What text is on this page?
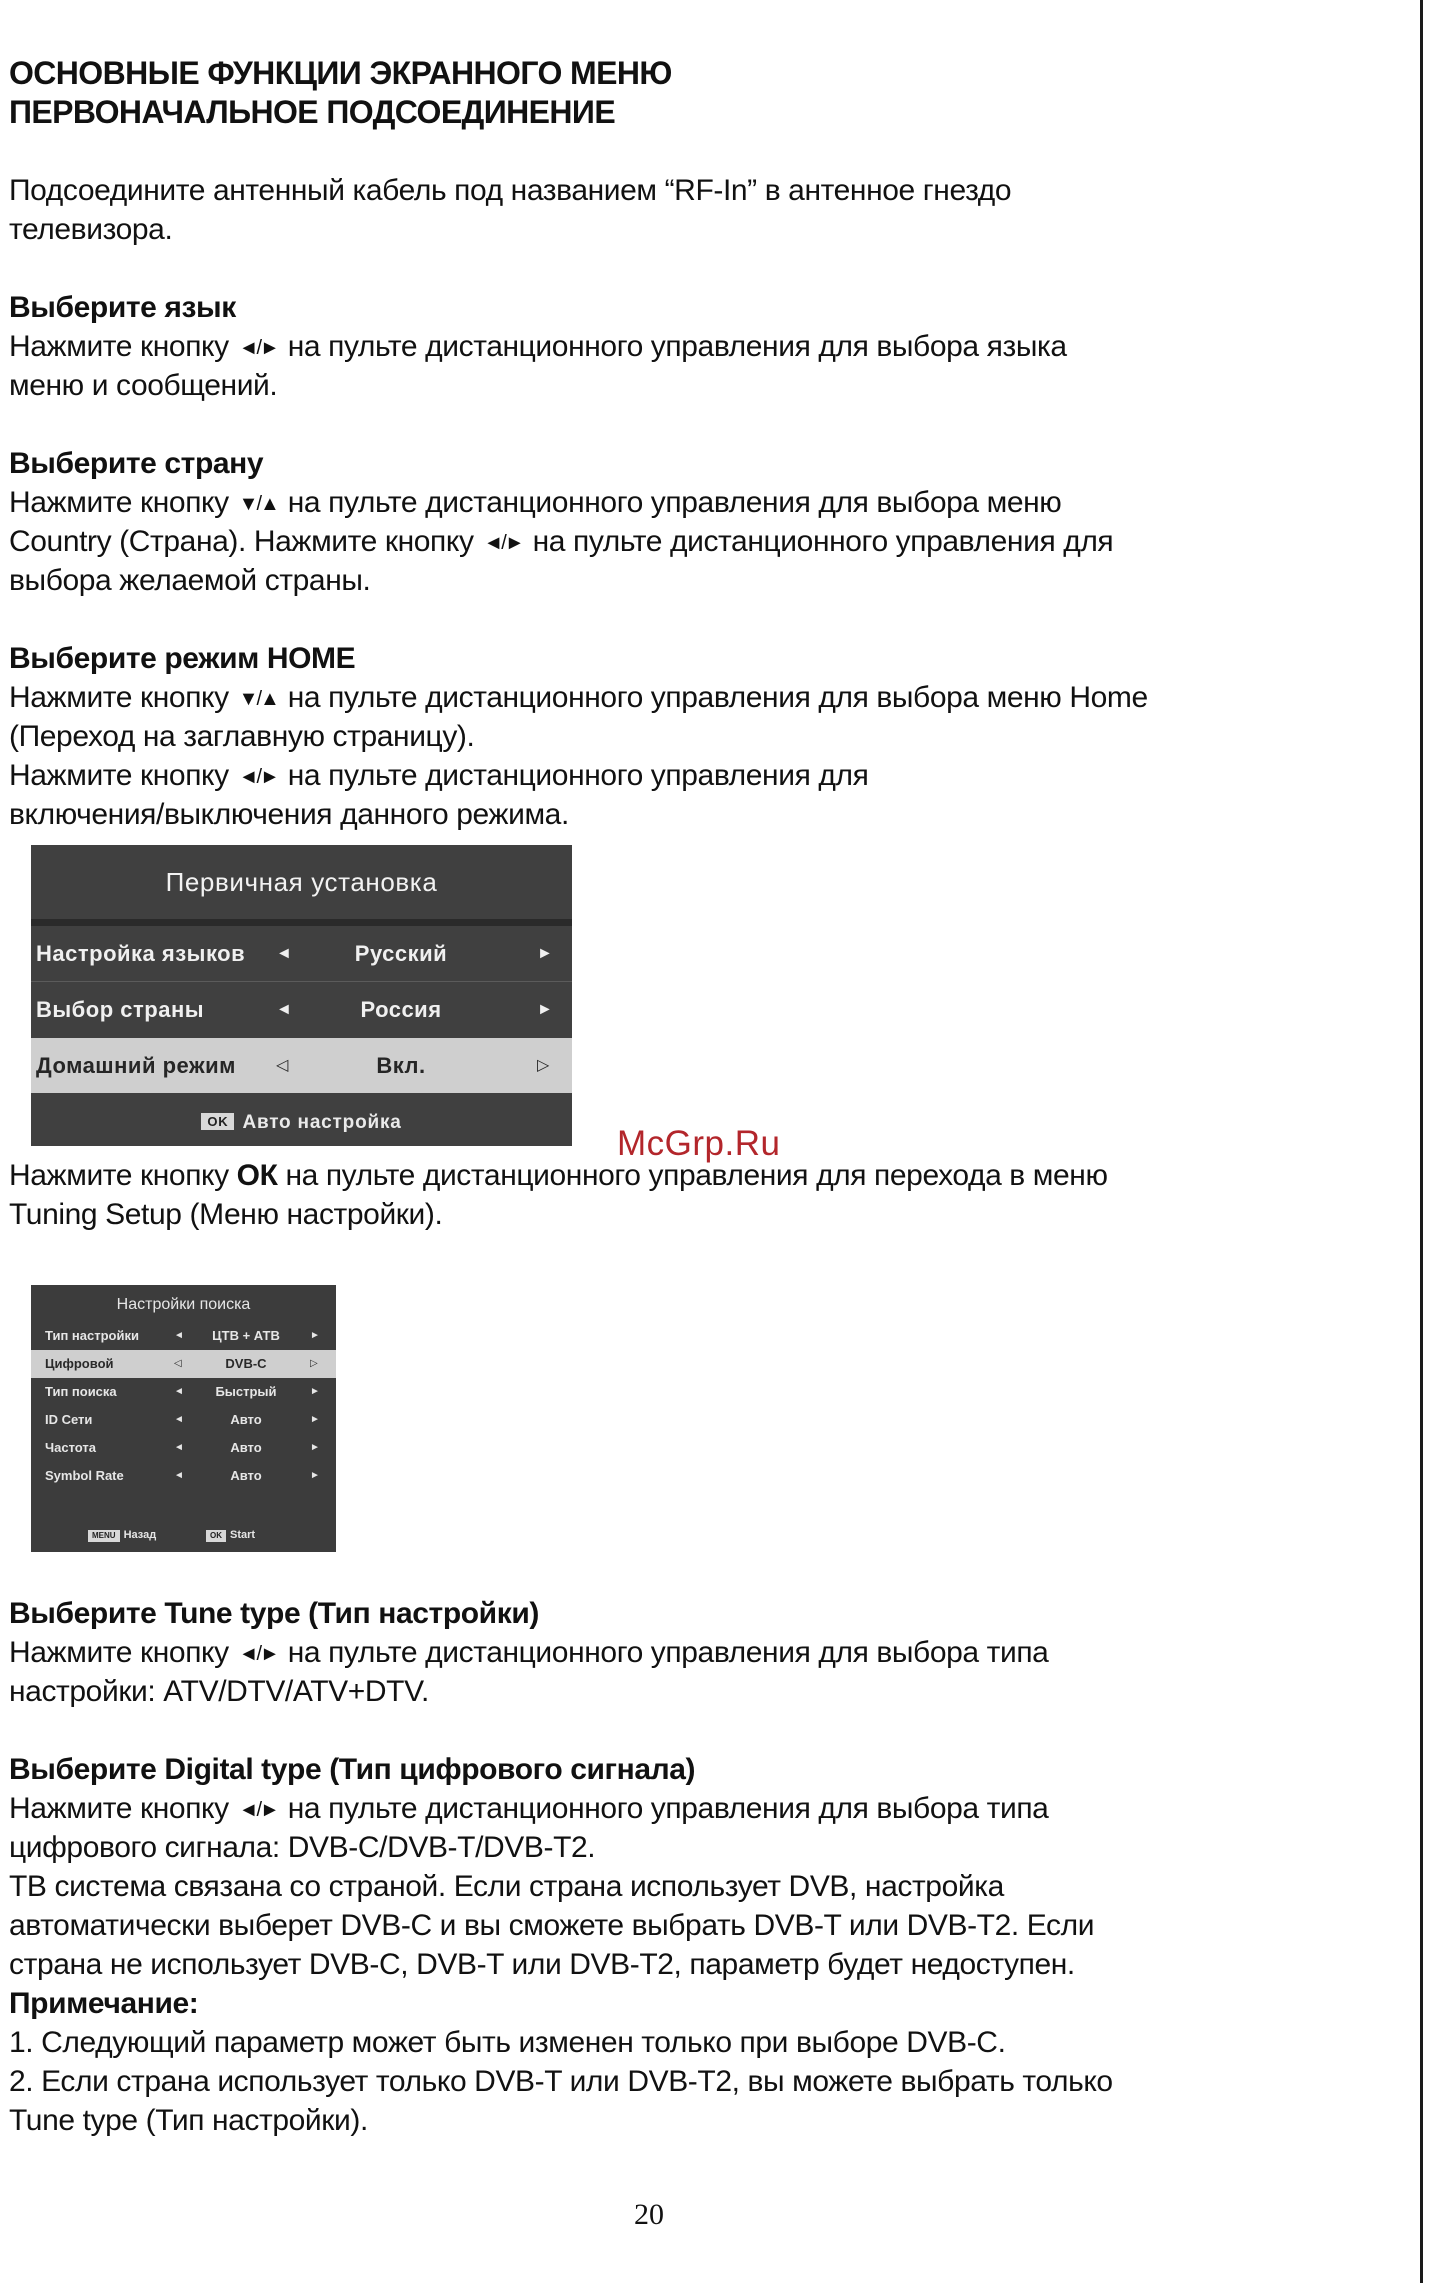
ОСНОВНЫЕ ФУНКЦИИ ЭКРАННОГО МЕНЮ

ПЕРВОНАЧАЛЬНОЕ ПОДСОЕДИНЕНИЕ

Подсоедините антенный кабель под названием “RF-In” в антенное гнездо

телевизора.

Выберите язык

Нажмите кнопку ◄/► на пульте дистанционного управления для выбора языка

меню и сообщений.

Выберите страну

Нажмите кнопку ▼/▲ на пульте дистанционного управления для выбора меню

Country (Страна). Нажмите кнопку ◄/► на пульте дистанционного управления для

выбора желаемой страны.

Выберите режим HOME

Нажмите кнопку ▼/▲ на пульте дистанционного управления для выбора меню Home

(Переход на заглавную страницу).

Нажмите кнопку ◄/► на пульте дистанционного управления для

включения/выключения данного режима.

Первичная установка
Настройка языков ◄	Русский	►
Выбор страны	◄	Россия	►
Домашний режим	◁	Вкл.	▷
OK Авто настройка
McGrp.Ru

Нажмите кнопку ОК на пульте дистанционного управления для перехода в меню

Tuning Setup (Меню настройки).

Настройки поиска
Тип настройки	◄	ЦТВ + АТВ	►
Цифровой	◁	DVB-C	▷
Тип поиска	◄	Быстрый	►
ID Сети	◄	Авто	►
Частота	◄	Авто	►
Symbol Rate	◄	Авто	►
MENU Назад	OK Start

Выберите Tune type (Тип настройки)

Нажмите кнопку ◄/► на пульте дистанционного управления для выбора типа

настройки: ATV/DTV/ATV+DTV.

Выберите Digital type (Тип цифрового сигнала)

Нажмите кнопку ◄/► на пульте дистанционного управления для выбора типа

цифрового сигнала: DVB-C/DVB-T/DVB-T2.

ТВ система связана со страной. Если страна использует DVB, настройка

автоматически выберет DVB-C и вы сможете выбрать DVB-T или DVB-T2. Если

страна не использует DVB-C, DVB-T или DVB-T2, параметр будет недоступен.

Примечание:

1. Следующий параметр может быть изменен только при выборе DVB-C.

2. Если страна использует только DVB-T или DVB-T2, вы можете выбрать только

Tune type (Тип настройки).

20
